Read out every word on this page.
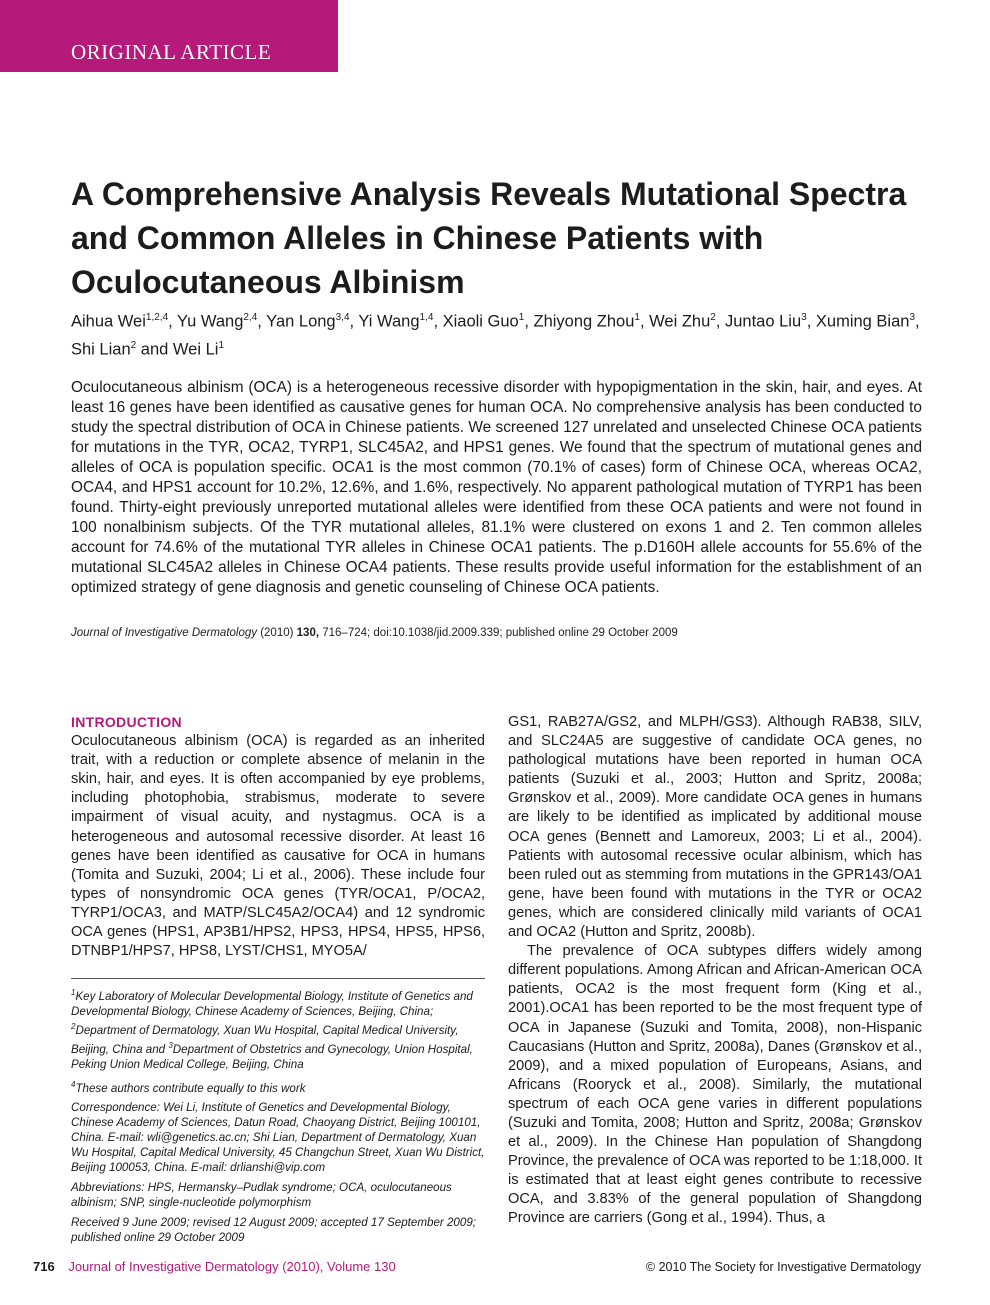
ORIGINAL ARTICLE
A Comprehensive Analysis Reveals Mutational Spectra and Common Alleles in Chinese Patients with Oculocutaneous Albinism
Aihua Wei$^{1,2,4}$, Yu Wang$^{2,4}$, Yan Long$^{3,4}$, Yi Wang$^{1,4}$, Xiaoli Guo$^1$, Zhiyong Zhou$^1$, Wei Zhu$^2$, Juntao Liu$^3$, Xuming Bian$^3$, Shi Lian$^2$ and Wei Li$^1$

Oculocutaneous albinism (OCA) is a heterogeneous recessive disorder with hypopigmentation in the skin, hair, and eyes. At least 16 genes have been identified as causative genes for human OCA. No comprehensive analysis has been conducted to study the spectral distribution of OCA in Chinese patients. We screened 127 unrelated and unselected Chinese OCA patients for mutations in the TYR, OCA2, TYRP1, SLC45A2, and HPS1 genes. We found that the spectrum of mutational genes and alleles of OCA is population specific. OCA1 is the most common (70.1% of cases) form of Chinese OCA, whereas OCA2, OCA4, and HPS1 account for 10.2%, 12.6%, and 1.6%, respectively. No apparent pathological mutation of TYRP1 has been found. Thirty-eight previously unreported mutational alleles were identified from these OCA patients and were not found in 100 nonalbinism subjects. Of the TYR mutational alleles, 81.1% were clustered on exons 1 and 2. Ten common alleles account for 74.6% of the mutational TYR alleles in Chinese OCA1 patients. The p.D160H allele accounts for 55.6% of the mutational SLC45A2 alleles in Chinese OCA4 patients. These results provide useful information for the establishment of an optimized strategy of gene diagnosis and genetic counseling of Chinese OCA patients.

Journal of Investigative Dermatology (2010) 130, 716–724; doi:10.1038/jid.2009.339; published online 29 October 2009
INTRODUCTION

Oculocutaneous albinism (OCA) is regarded as an inherited trait, with a reduction or complete absence of melanin in the skin, hair, and eyes. It is often accompanied by eye problems, including photophobia, strabismus, moderate to severe impairment of visual acuity, and nystagmus. OCA is a heterogeneous and autosomal recessive disorder. At least 16 genes have been identified as causative for OCA in humans (Tomita and Suzuki, 2004; Li et al., 2006). These include four types of nonsyndromic OCA genes (TYR/OCA1, P/OCA2, TYRP1/OCA3, and MATP/SLC45A2/OCA4) and 12 syndromic OCA genes (HPS1, AP3B1/HPS2, HPS3, HPS4, HPS5, HPS6, DTNBP1/HPS7, HPS8, LYST/CHS1, MYO5A/

$^1$Key Laboratory of Molecular Developmental Biology, Institute of Genetics and Developmental Biology, Chinese Academy of Sciences, Beijing, China; $^2$Department of Dermatology, Xuan Wu Hospital, Capital Medical University, Beijing, China and $^3$Department of Obstetrics and Gynecology, Union Hospital, Peking Union Medical College, Beijing, China

$^4$These authors contribute equally to this work

Correspondence: Wei Li, Institute of Genetics and Developmental Biology, Chinese Academy of Sciences, Datun Road, Chaoyang District, Beijing 100101, China. E-mail: wli@genetics.ac.cn; Shi Lian, Department of Dermatology, Xuan Wu Hospital, Capital Medical University, 45 Changchun Street, Xuan Wu District, Beijing 100053, China. E-mail: drlianshi@vip.com

Abbreviations: HPS, Hermansky–Pudlak syndrome; OCA, oculocutaneous albinism; SNP, single-nucleotide polymorphism

Received 9 June 2009; revised 12 August 2009; accepted 17 September 2009; published online 29 October 2009

GS1, RAB27A/GS2, and MLPH/GS3). Although RAB38, SILV, and SLC24A5 are suggestive of candidate OCA genes, no pathological mutations have been reported in human OCA patients (Suzuki et al., 2003; Hutton and Spritz, 2008a; Grønskov et al., 2009). More candidate OCA genes in humans are likely to be identified as implicated by additional mouse OCA genes (Bennett and Lamoreux, 2003; Li et al., 2004). Patients with autosomal recessive ocular albinism, which has been ruled out as stemming from mutations in the GPR143/OA1 gene, have been found with mutations in the TYR or OCA2 genes, which are considered clinically mild variants of OCA1 and OCA2 (Hutton and Spritz, 2008b).

The prevalence of OCA subtypes differs widely among different populations. Among African and African-American OCA patients, OCA2 is the most frequent form (King et al., 2001).OCA1 has been reported to be the most frequent type of OCA in Japanese (Suzuki and Tomita, 2008), non-Hispanic Caucasians (Hutton and Spritz, 2008a), Danes (Grønskov et al., 2009), and a mixed population of Europeans, Asians, and Africans (Rooryck et al., 2008). Similarly, the mutational spectrum of each OCA gene varies in different populations (Suzuki and Tomita, 2008; Hutton and Spritz, 2008a; Grønskov et al., 2009). In the Chinese Han population of Shangdong Province, the prevalence of OCA was reported to be 1:18,000. It is estimated that at least eight genes contribute to recessive OCA, and 3.83% of the general population of Shangdong Province are carriers (Gong et al., 1994). Thus, a

716 Journal of Investigative Dermatology (2010), Volume 130	© 2010 The Society for Investigative Dermatology
